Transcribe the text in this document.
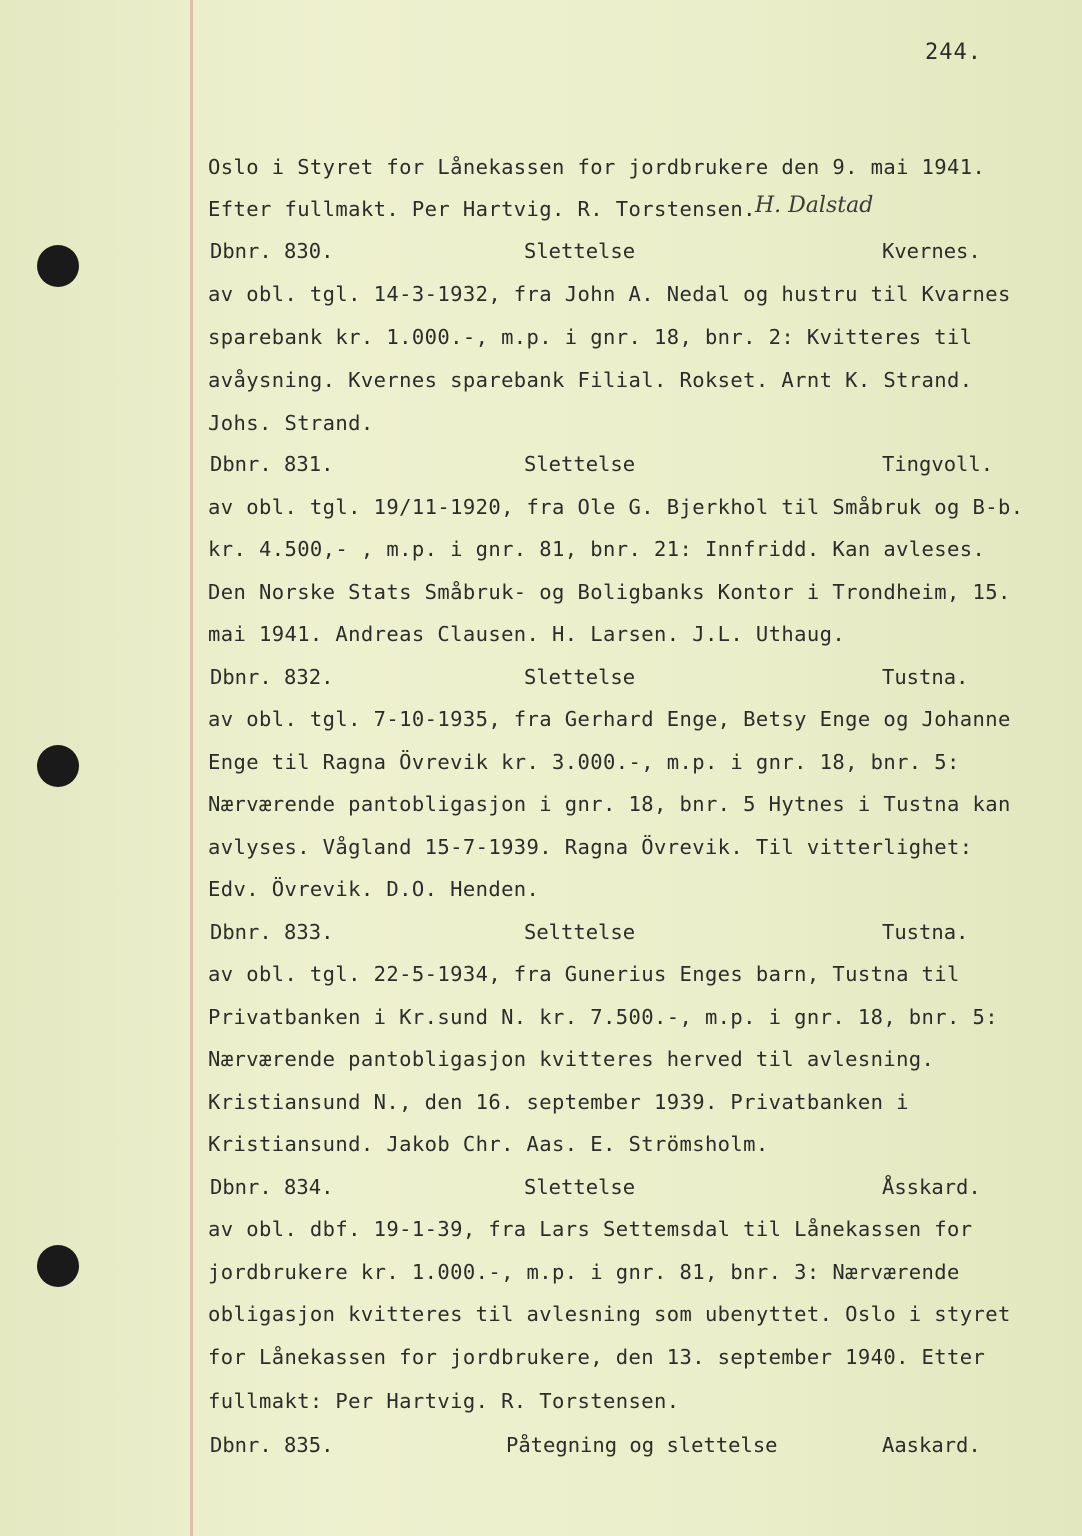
244.
Oslo i Styret for Lånekassen for jordbrukere den 9. mai 1941.
Efter fullmakt. Per Hartvig. R. Torstensen. H. Dalstad
Dbnr. 830.	Slettelse	Kvernes.
av obl. tgl. 14-3-1932, fra John A. Nedal og hustru til Kvarnes
sparebank kr. 1.000.-, m.p. i gnr. 18, bnr. 2: Kvitteres til
avåysning. Kvernes sparebank Filial. Rokset. Arnt K. Strand.
Johs. Strand.
Dbnr. 831.	Slettelse	Tingvoll.
av obl. tgl. 19/11-1920, fra Ole G. Bjerkhol til Småbruk og B-b.
kr. 4.500,- , m.p. i gnr. 81, bnr. 21: Innfridd. Kan avleses.
Den Norske Stats Småbruk- og Boligbanks Kontor i Trondheim, 15.
mai 1941. Andreas Clausen. H. Larsen. J.L. Uthaug.
Dbnr. 832.	Slettelse	Tustna.
av obl. tgl. 7-10-1935, fra Gerhard Enge, Betsy Enge og Johanne
Enge til Ragna Övrevik kr. 3.000.-, m.p. i gnr. 18, bnr. 5:
Nærværende pantobligasjon i gnr. 18, bnr. 5 Hytnes i Tustna kan
avlyses. Vågland 15-7-1939. Ragna Övrevik. Til vitterlighet:
Edv. Övrevik. D.O. Henden.
Dbnr. 833.	Selttelse	Tustna.
av obl. tgl. 22-5-1934, fra Gunerius Enges barn, Tustna til
Privatbanken i Kr.sund N. kr. 7.500.-, m.p. i gnr. 18, bnr. 5:
Nærværende pantobligasjon kvitteres herved til avlesning.
Kristiansund N., den 16. september 1939. Privatbanken i
Kristiansund. Jakob Chr. Aas. E. Strömsholm.
Dbnr. 834.	Slettelse	Åsskard.
av obl. dbf. 19-1-39, fra Lars Settemsdal til Lånekassen for
jordbrukere kr. 1.000.-, m.p. i gnr. 81, bnr. 3: Nærværende
obligasjon kvitteres til avlesning som ubenyttet. Oslo i styret
for Lånekassen for jordbrukere, den 13. september 1940. Etter
fullmakt: Per Hartvig. R. Torstensen.
Dbnr. 835.	Påtegning og slettelse	Aaskard.
